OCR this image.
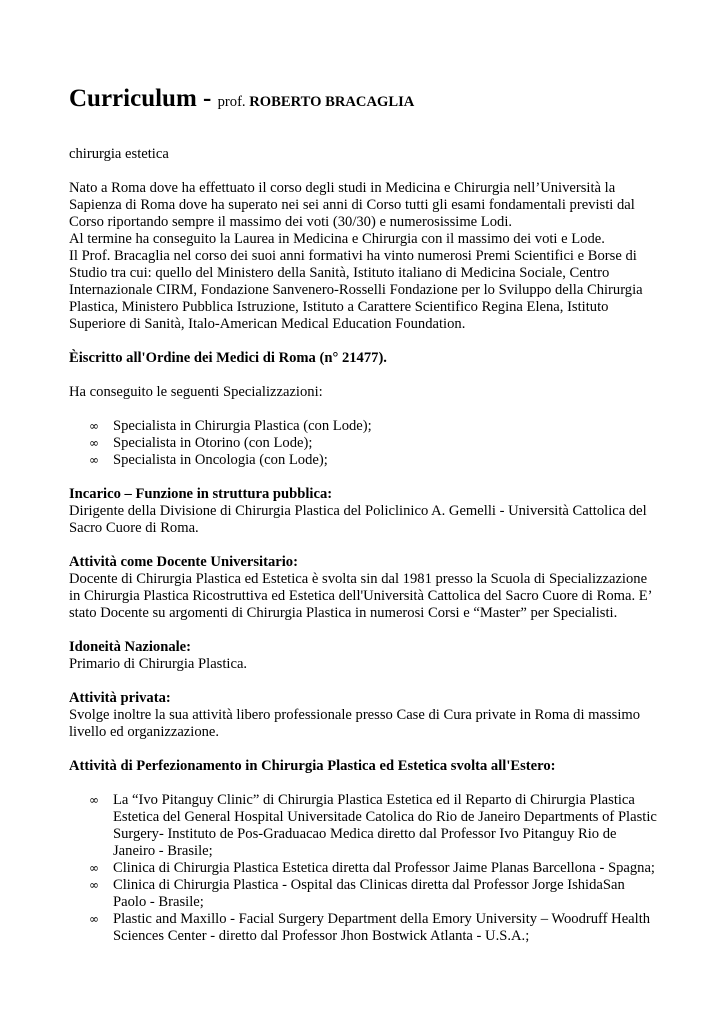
Curriculum - prof. ROBERTO BRACAGLIA

chirurgia estetica

Nato a Roma dove ha effettuato il corso degli studi in Medicina e Chirurgia nell’Università la Sapienza di Roma dove ha superato nei sei anni di Corso tutti gli esami fondamentali previsti dal Corso riportando sempre il massimo dei voti (30/30) e numerosissime Lodi.

Al termine ha conseguito la Laurea in Medicina e Chirurgia con il massimo dei voti e Lode.

Il Prof. Bracaglia nel corso dei suoi anni formativi ha vinto numerosi Premi Scientifici e Borse di Studio tra cui: quello del Ministero della Sanità, Istituto italiano di Medicina Sociale, Centro Internazionale CIRM, Fondazione Sanvenero-Rosselli Fondazione per lo Sviluppo della Chirurgia Plastica, Ministero Pubblica Istruzione, Istituto a Carattere Scientifico Regina Elena, Istituto Superiore di Sanità, Italo-American Medical Education Foundation.

Èiscritto all'Ordine dei Medici di Roma (n° 21477).

Ha conseguito le seguenti Specializzazioni:

∞ Specialista in Chirurgia Plastica (con Lode);
∞ Specialista in Otorino (con Lode);
∞ Specialista in Oncologia (con Lode);

Incarico – Funzione in struttura pubblica:

Dirigente della Divisione di Chirurgia Plastica del Policlinico A. Gemelli - Università Cattolica del Sacro Cuore di Roma.

Attività come Docente Universitario:

Docente di Chirurgia Plastica ed Estetica è svolta sin dal 1981 presso la Scuola di Specializzazione in Chirurgia Plastica Ricostruttiva ed Estetica dell'Università Cattolica del Sacro Cuore di Roma. E’ stato Docente su argomenti di Chirurgia Plastica in numerosi Corsi e “Master” per Specialisti.

Idoneità Nazionale:

Primario di Chirurgia Plastica.

Attività privata:

Svolge inoltre la sua attività libero professionale presso Case di Cura private in Roma di massimo livello ed organizzazione.

Attività di Perfezionamento in Chirurgia Plastica ed Estetica svolta all'Estero:

∞ La “Ivo Pitanguy Clinic” di Chirurgia Plastica Estetica ed il Reparto di Chirurgia Plastica Estetica del General Hospital Universitade Catolica do Rio de Janeiro Departments of Plastic Surgery- Instituto de Pos-Graduacao Medica diretto dal Professor Ivo Pitanguy Rio de Janeiro - Brasile;
∞ Clinica di Chirurgia Plastica Estetica diretta dal Professor Jaime Planas Barcellona - Spagna;
∞ Clinica di Chirurgia Plastica - Ospital das Clinicas diretta dal Professor Jorge IshidaSan Paolo - Brasile;
∞ Plastic and Maxillo - Facial Surgery Department della Emory University – Woodruff Health Sciences Center - diretto dal Professor Jhon Bostwick Atlanta - U.S.A.;
